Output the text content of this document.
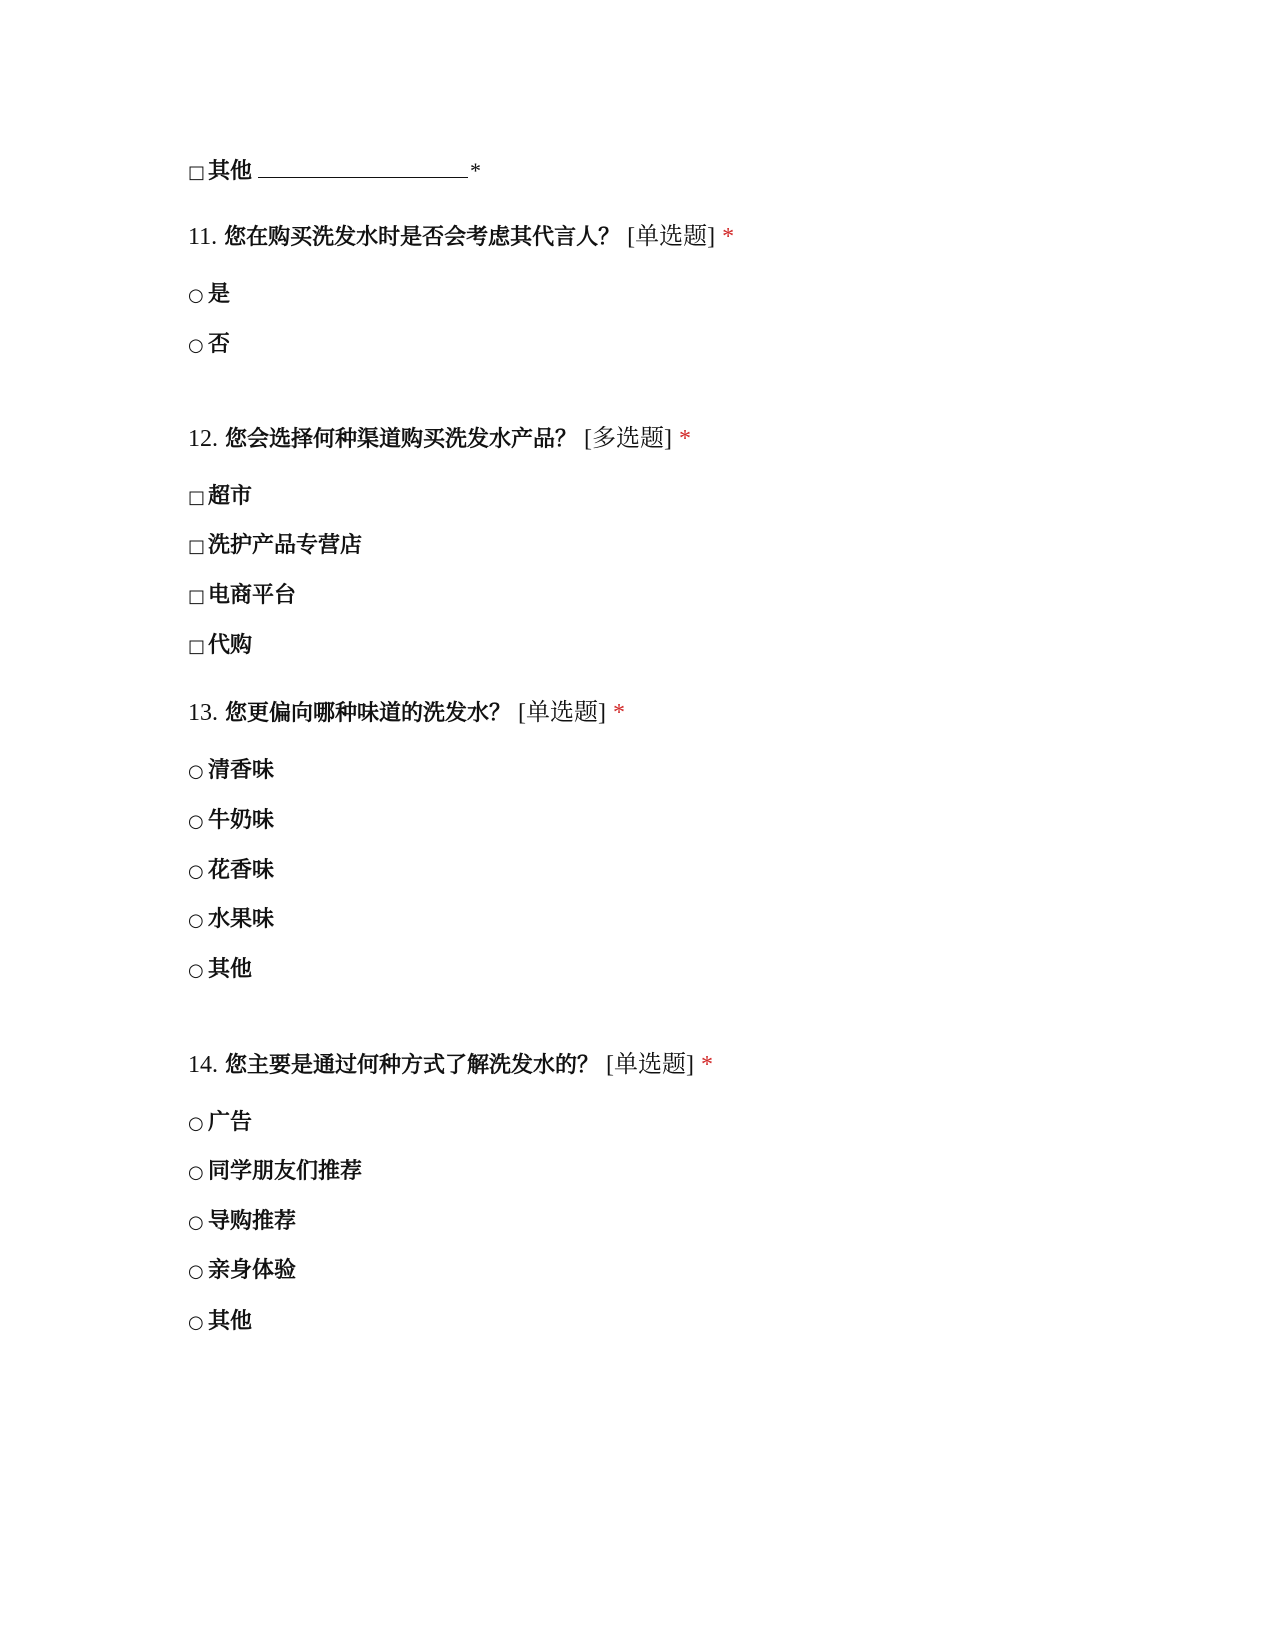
□ 其他	*
11. 您在购买洗发水时是否会考虑其代言人？ [单选题] *
○ 是
○ 否
12. 您会选择何种渠道购买洗发水产品？ [多选题] *
□ 超市
□ 洗护产品专营店
□ 电商平台
□ 代购
13. 您更偏向哪种味道的洗发水？ [单选题] *
○ 清香味
○ 牛奶味
○ 花香味
○ 水果味
○ 其他
14. 您主要是通过何种方式了解洗发水的？ [单选题] *
○ 广告
○ 同学朋友们推荐
○ 导购推荐
○ 亲身体验
○ 其他
